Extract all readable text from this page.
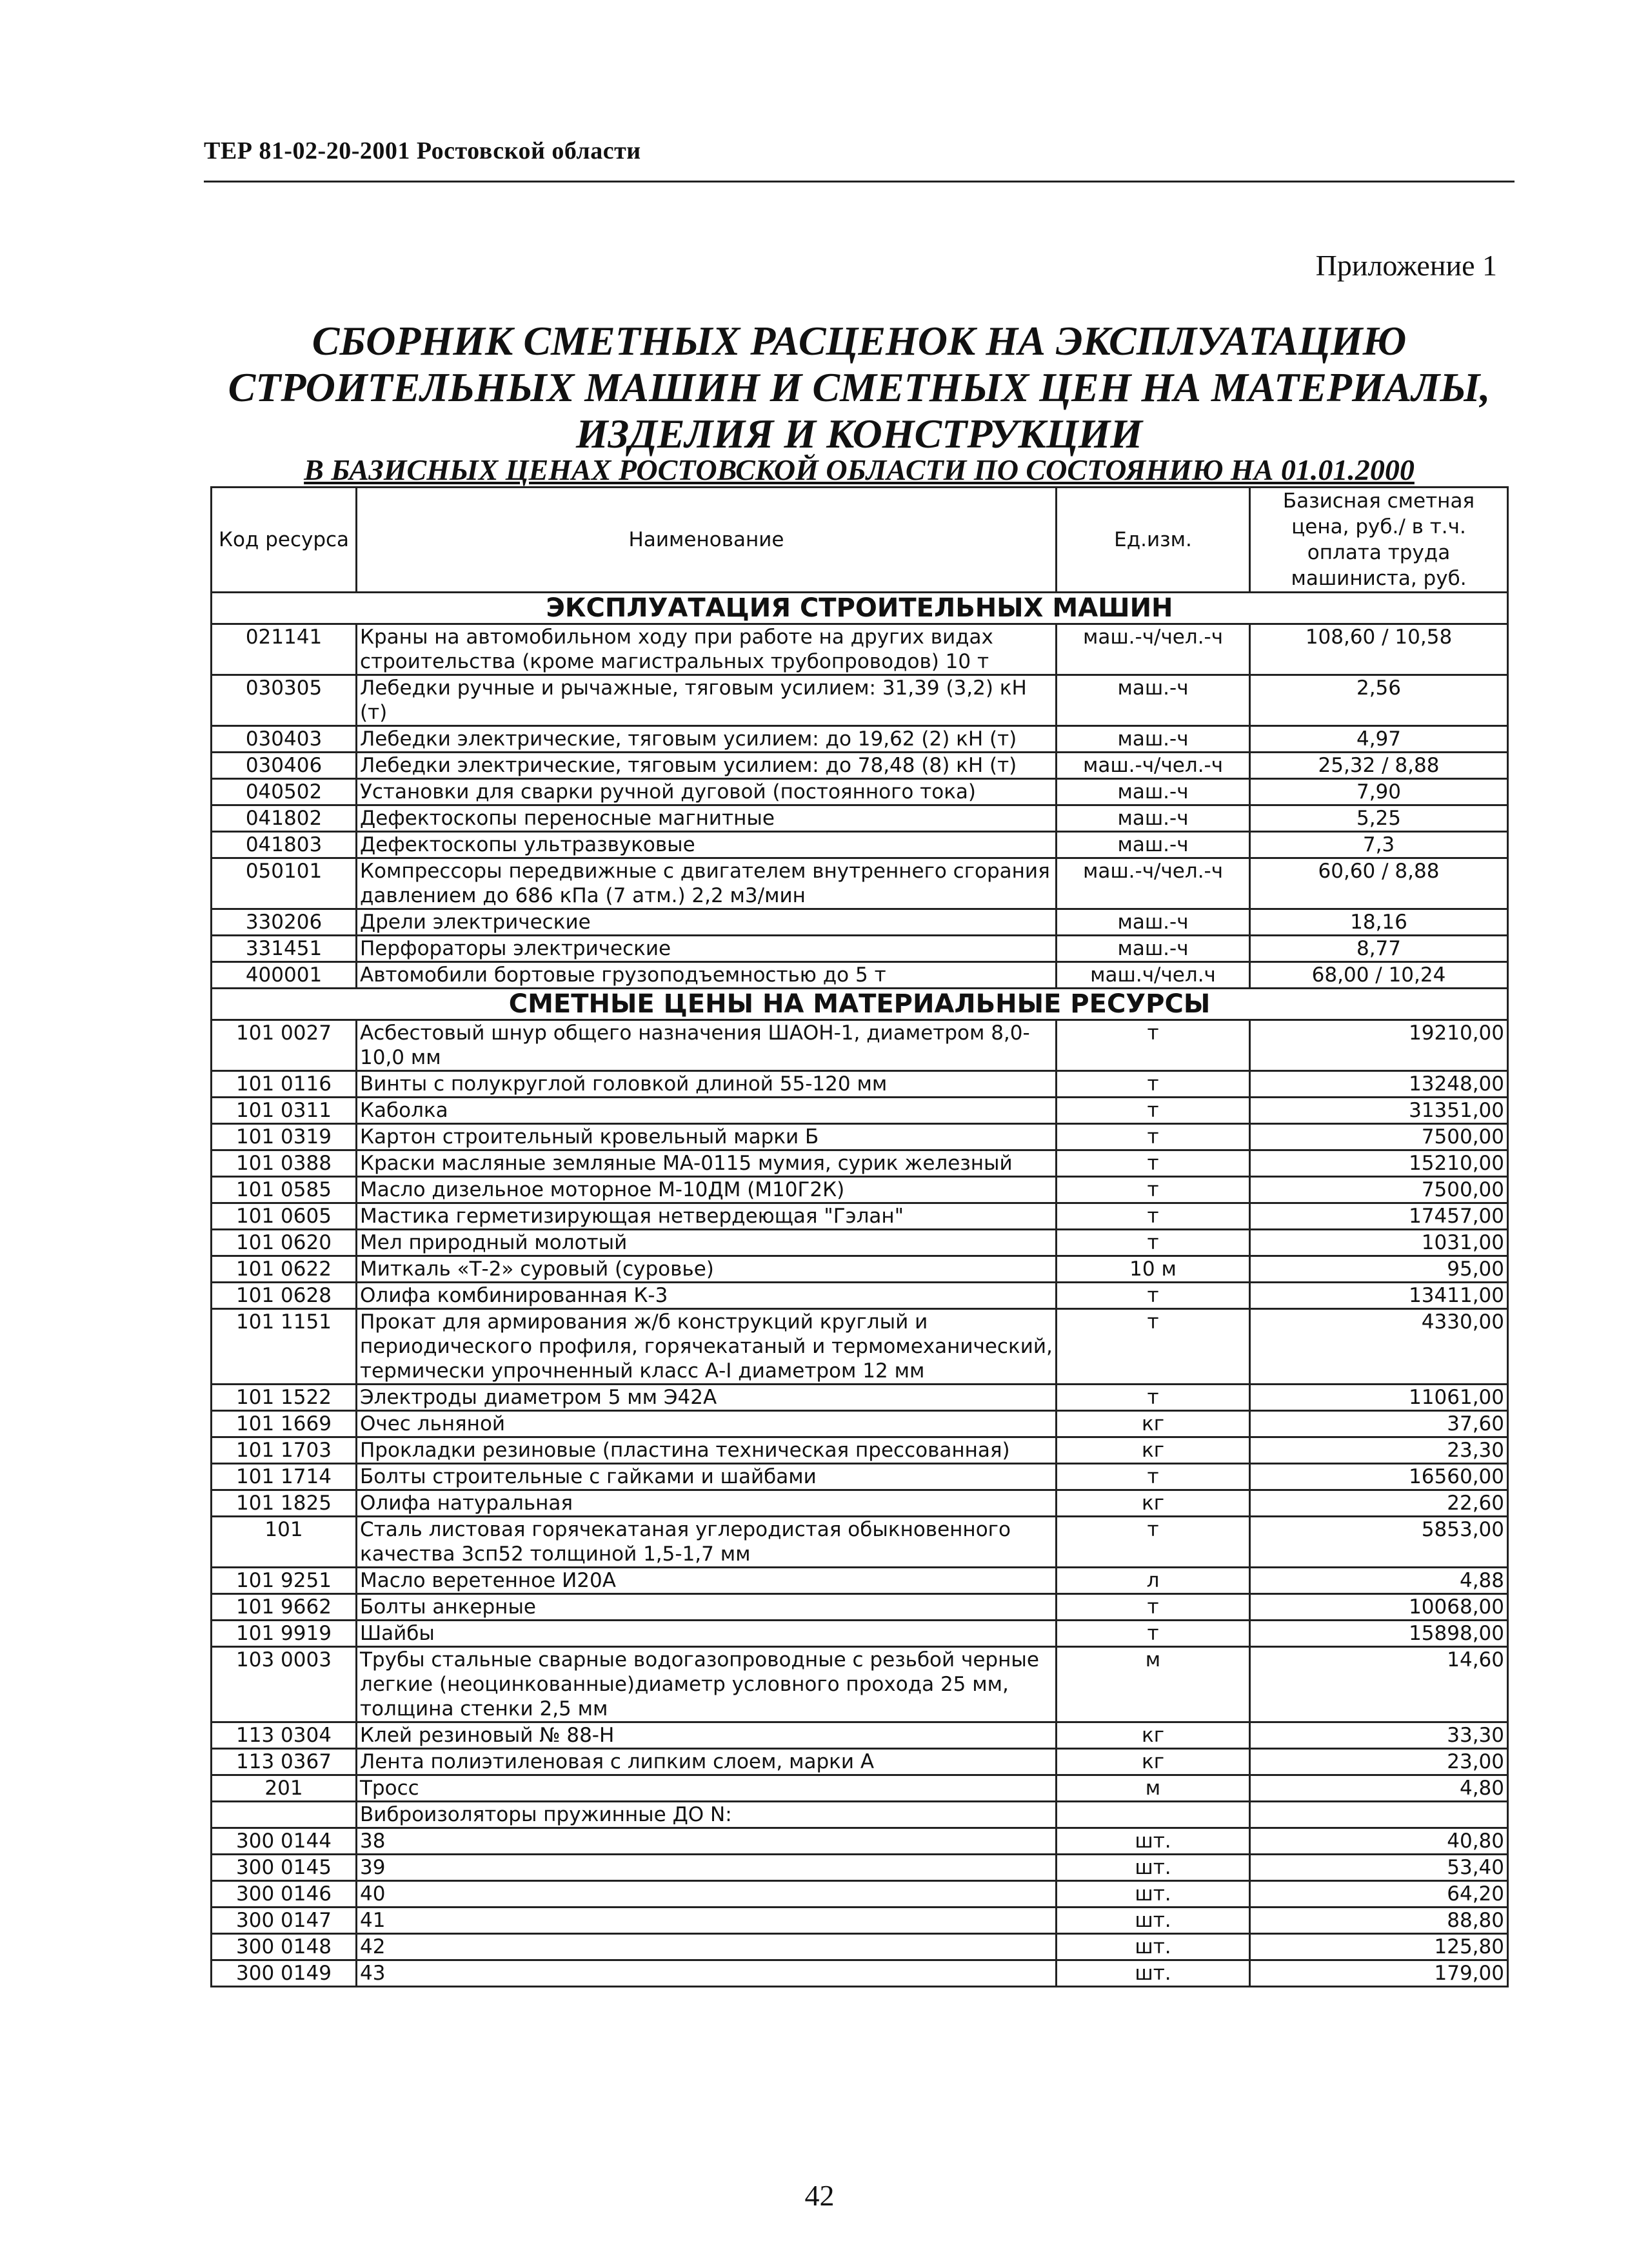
ТЕР 81-02-20-2001 Ростовской области
Приложение 1
СБОРНИК СМЕТНЫХ РАСЦЕНОК НА ЭКСПЛУАТАЦИЮ
СТРОИТЕЛЬНЫХ МАШИН И СМЕТНЫХ ЦЕН НА МАТЕРИАЛЫ,
ИЗДЕЛИЯ И КОНСТРУКЦИИ
В БАЗИСНЫХ ЦЕНАХ РОСТОВСКОЙ ОБЛАСТИ ПО СОСТОЯНИЮ НА 01.01.2000
Код ресурса	Наименование	Ед.изм.	Базисная сметная цена, руб./ в т.ч. оплата труда машиниста, руб.
ЭКСПЛУАТАЦИЯ СТРОИТЕЛЬНЫХ МАШИН			
021141	Краны на автомобильном ходу при работе на других видах строительства (кроме магистральных трубопроводов) 10 т	маш.-ч/чел.-ч	108,60 / 10,58
030305	Лебедки ручные и рычажные, тяговым усилием: 31,39 (3,2) кН (т)	маш.-ч	2,56
030403	Лебедки электрические, тяговым усилием: до 19,62 (2) кН (т)	маш.-ч	4,97
030406	Лебедки электрические, тяговым усилием: до 78,48 (8) кН (т)	маш.-ч/чел.-ч	25,32 / 8,88
040502	Установки для сварки ручной дуговой (постоянного тока)	маш.-ч	7,90
041802	Дефектоскопы переносные магнитные	маш.-ч	5,25
041803	Дефектоскопы ультразвуковые	маш.-ч	7,3
050101	Компрессоры передвижные с двигателем внутреннего сгорания давлением до 686 кПа (7 атм.) 2,2 м3/мин	маш.-ч/чел.-ч	60,60 / 8,88
330206	Дрели электрические	маш.-ч	18,16
331451	Перфораторы электрические	маш.-ч	8,77
400001	Автомобили бортовые грузоподъемностью до 5 т	маш.ч/чел.ч	68,00 / 10,24
СМЕТНЫЕ ЦЕНЫ НА МАТЕРИАЛЬНЫЕ РЕСУРСЫ			
101 0027	Асбестовый шнур общего назначения ШАОН-1, диаметром 8,0-10,0 мм	т	19210,00
101 0116	Винты с полукруглой головкой длиной 55-120 мм	т	13248,00
101 0311	Каболка	т	31351,00
101 0319	Картон строительный кровельный марки Б	т	7500,00
101 0388	Краски масляные земляные МА-0115 мумия, сурик железный	т	15210,00
101 0585	Масло дизельное моторное М-10ДМ (М10Г2К)	т	7500,00
101 0605	Мастика герметизирующая нетвердеющая "Гэлан"	т	17457,00
101 0620	Мел природный молотый	т	1031,00
101 0622	Миткаль «Т-2» суровый (суровье)	10 м	95,00
101 0628	Олифа комбинированная К-3	т	13411,00
101 1151	Прокат для армирования ж/б конструкций круглый и периодического профиля, горячекатаный и термомеханический, термически упрочненный класс А-I диаметром 12 мм	т	4330,00
101 1522	Электроды диаметром 5 мм Э42А	т	11061,00
101 1669	Очес льняной	кг	37,60
101 1703	Прокладки резиновые (пластина техническая прессованная)	кг	23,30
101 1714	Болты строительные с гайками и шайбами	т	16560,00
101 1825	Олифа натуральная	кг	22,60
101	Сталь листовая горячекатаная углеродистая обыкновенного качества 3сп52 толщиной 1,5-1,7 мм	т	5853,00
101 9251	Масло веретенное И20А	л	4,88
101 9662	Болты анкерные	т	10068,00
101 9919	Шайбы	т	15898,00
103 0003	Трубы стальные сварные водогазопроводные с резьбой черные легкие (неоцинкованные)диаметр условного прохода 25 мм, толщина стенки 2,5 мм	м	14,60
113 0304	Клей резиновый № 88-Н	кг	33,30
113 0367	Лента полиэтиленовая с липким слоем, марки А	кг	23,00
201	Тросс	м	4,80
	Виброизоляторы пружинные ДО N:		
300 0144	38	шт.	40,80
300 0145	39	шт.	53,40
300 0146	40	шт.	64,20
300 0147	41	шт.	88,80
300 0148	42	шт.	125,80
300 0149	43	шт.	179,00
42
